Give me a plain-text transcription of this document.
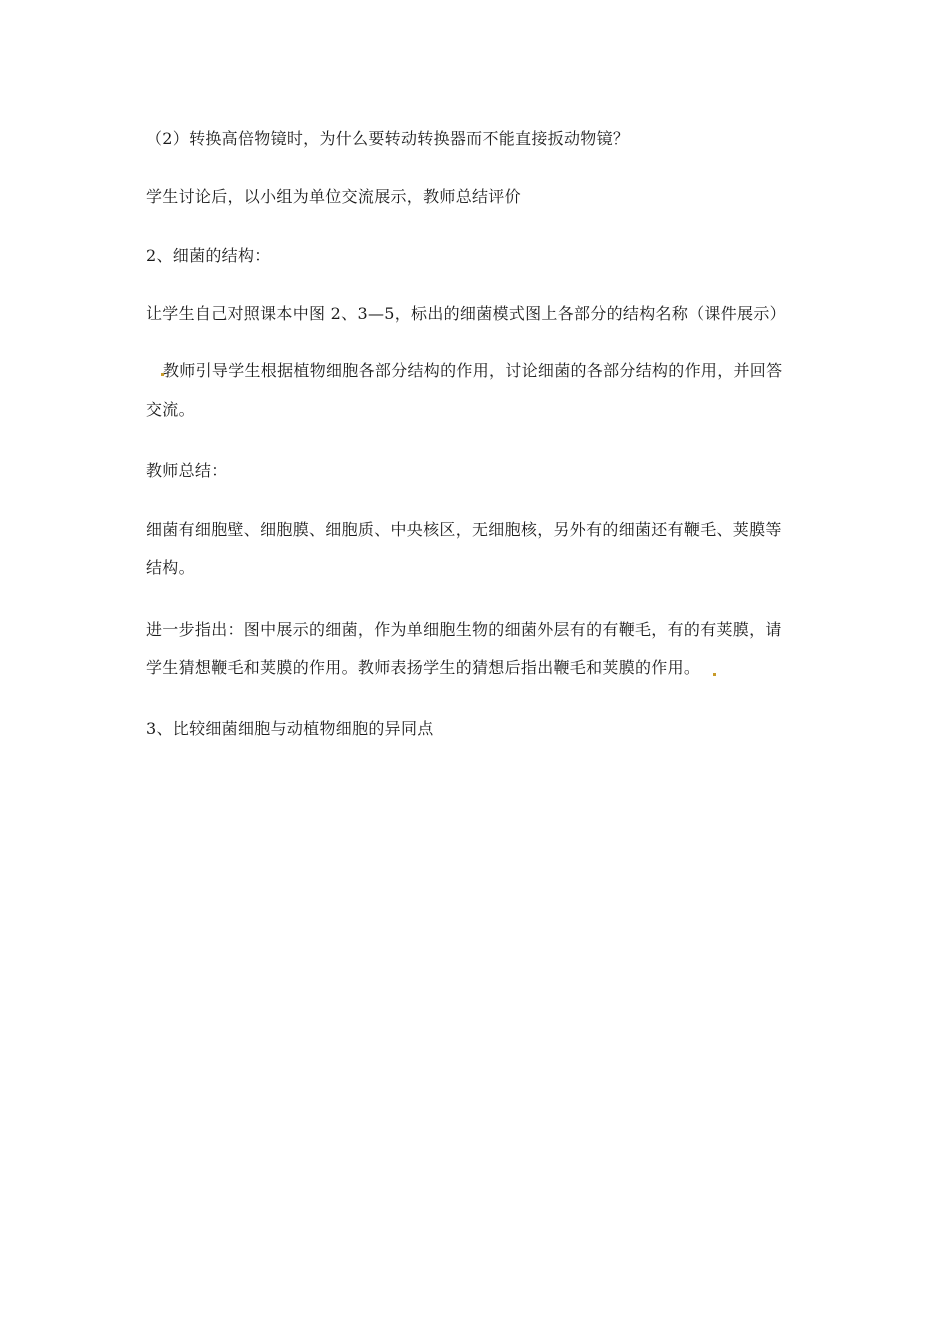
（2）转换高倍物镜时，为什么要转动转换器而不能直接扳动物镜？

学生讨论后，以小组为单位交流展示，教师总结评价

2、细菌的结构：

让学生自己对照课本中图 2、3—5，标出的细菌模式图上各部分的结构名称（课件展示）

教师引导学生根据植物细胞各部分结构的作用，讨论细菌的各部分结构的作用，并回答

交流。

教师总结：

细菌有细胞壁、细胞膜、细胞质、中央核区，无细胞核，另外有的细菌还有鞭毛、荚膜等

结构。

进一步指出：图中展示的细菌，作为单细胞生物的细菌外层有的有鞭毛，有的有荚膜，请

学生猜想鞭毛和荚膜的作用。教师表扬学生的猜想后指出鞭毛和荚膜的作用。

3、比较细菌细胞与动植物细胞的异同点
